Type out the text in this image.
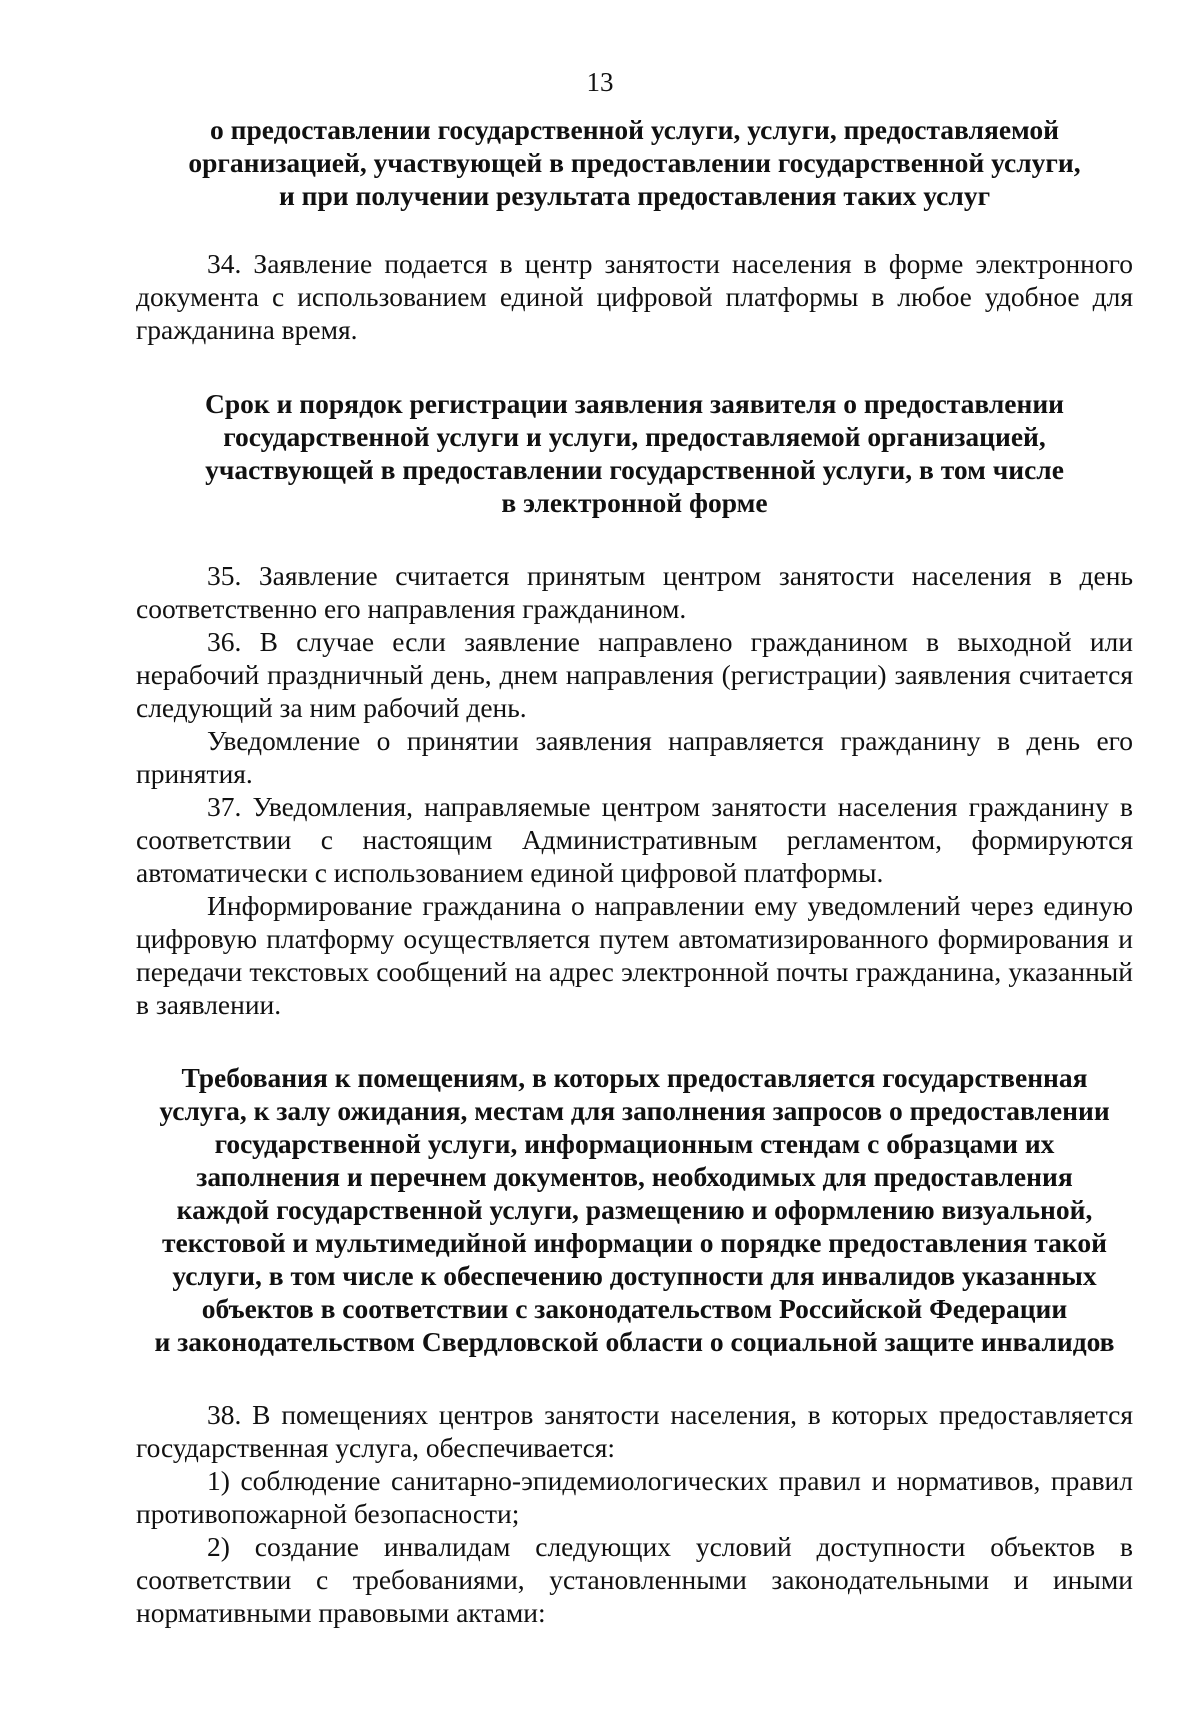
13
о предоставлении государственной услуги, услуги, предоставляемой
организацией, участвующей в предоставлении государственной услуги,
и при получении результата предоставления таких услуг

34. Заявление подается в центр занятости населения в форме электронного документа с использованием единой цифровой платформы в любое удобное для гражданина время.

Срок и порядок регистрации заявления заявителя о предоставлении
государственной услуги и услуги, предоставляемой организацией,
участвующей в предоставлении государственной услуги, в том числе
в электронной форме

35. Заявление считается принятым центром занятости населения в день соответственно его направления гражданином.

36. В случае если заявление направлено гражданином в выходной или нерабочий праздничный день, днем направления (регистрации) заявления считается следующий за ним рабочий день.

Уведомление о принятии заявления направляется гражданину в день его принятия.

37. Уведомления, направляемые центром занятости населения гражданину в соответствии с настоящим Административным регламентом, формируются автоматически с использованием единой цифровой платформы.

Информирование гражданина о направлении ему уведомлений через единую цифровую платформу осуществляется путем автоматизированного формирования и передачи текстовых сообщений на адрес электронной почты гражданина, указанный в заявлении.

Требования к помещениям, в которых предоставляется государственная
услуга, к залу ожидания, местам для заполнения запросов о предоставлении
государственной услуги, информационным стендам с образцами их
заполнения и перечнем документов, необходимых для предоставления
каждой государственной услуги, размещению и оформлению визуальной,
текстовой и мультимедийной информации о порядке предоставления такой
услуги, в том числе к обеспечению доступности для инвалидов указанных
объектов в соответствии с законодательством Российской Федерации
и законодательством Свердловской области о социальной защите инвалидов

38. В помещениях центров занятости населения, в которых предоставляется государственная услуга, обеспечивается:

1) соблюдение санитарно-эпидемиологических правил и нормативов, правил противопожарной безопасности;

2) создание инвалидам следующих условий доступности объектов в соответствии с требованиями, установленными законодательными и иными нормативными правовыми актами:
